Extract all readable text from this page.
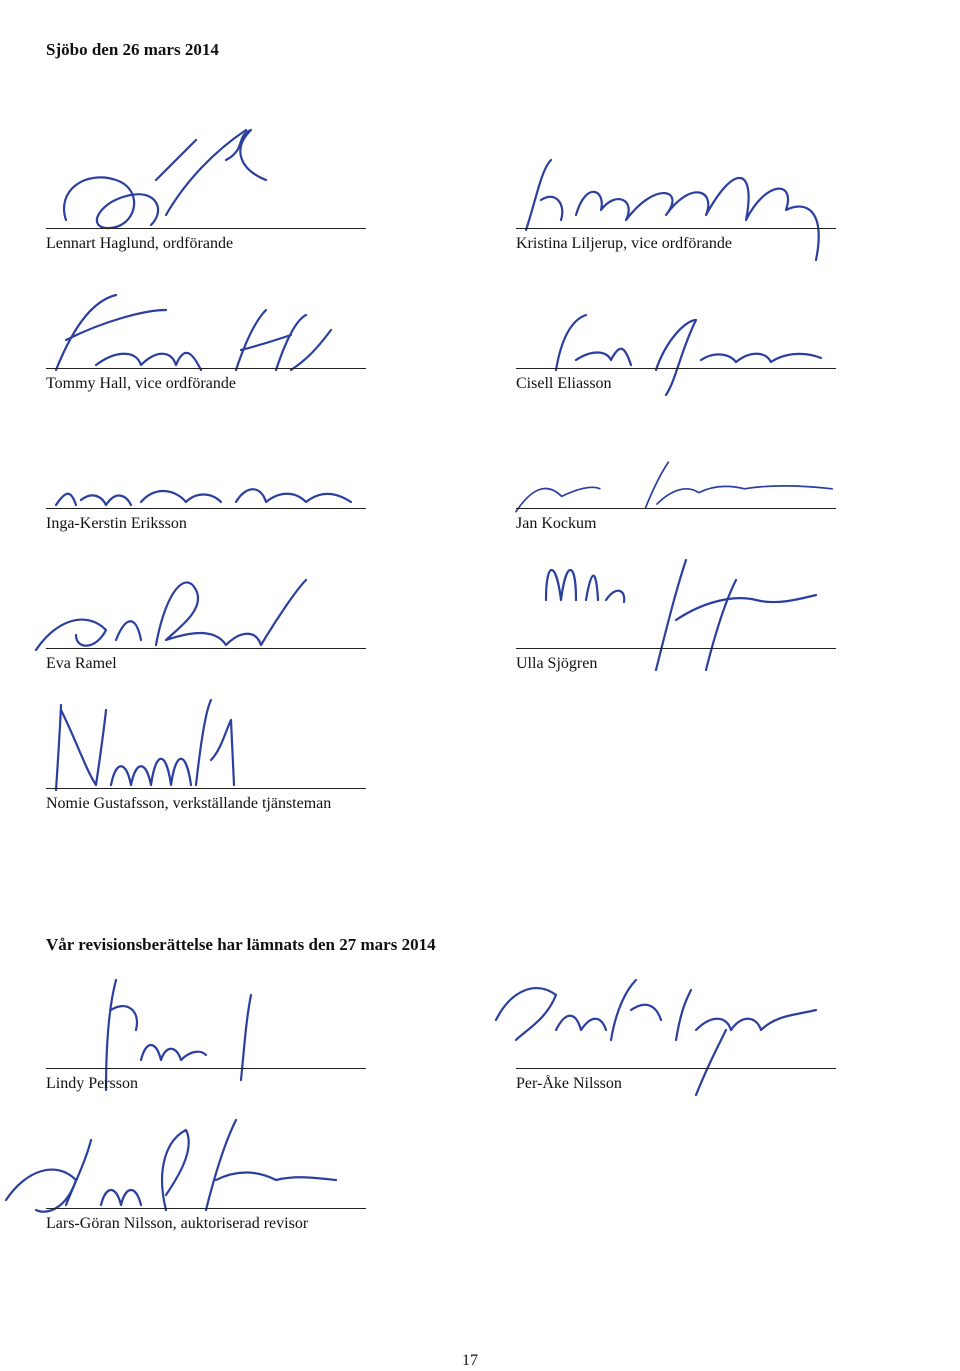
Sjöbo den 26 mars 2014

Lennart Haglund, ordförande	Kristina Liljerup, vice ordförande
Tommy Hall, vice ordförande	Cisell Eliasson
Inga-Kerstin Eriksson	Jan Kockum
Eva Ramel	Ulla Sjögren
Nomie Gustafsson, verkställande tjänsteman

Vår revisionsberättelse har lämnats den 27 mars 2014

Lindy Persson	Per-Åke Nilsson
Lars-Göran Nilsson, auktoriserad revisor
17
